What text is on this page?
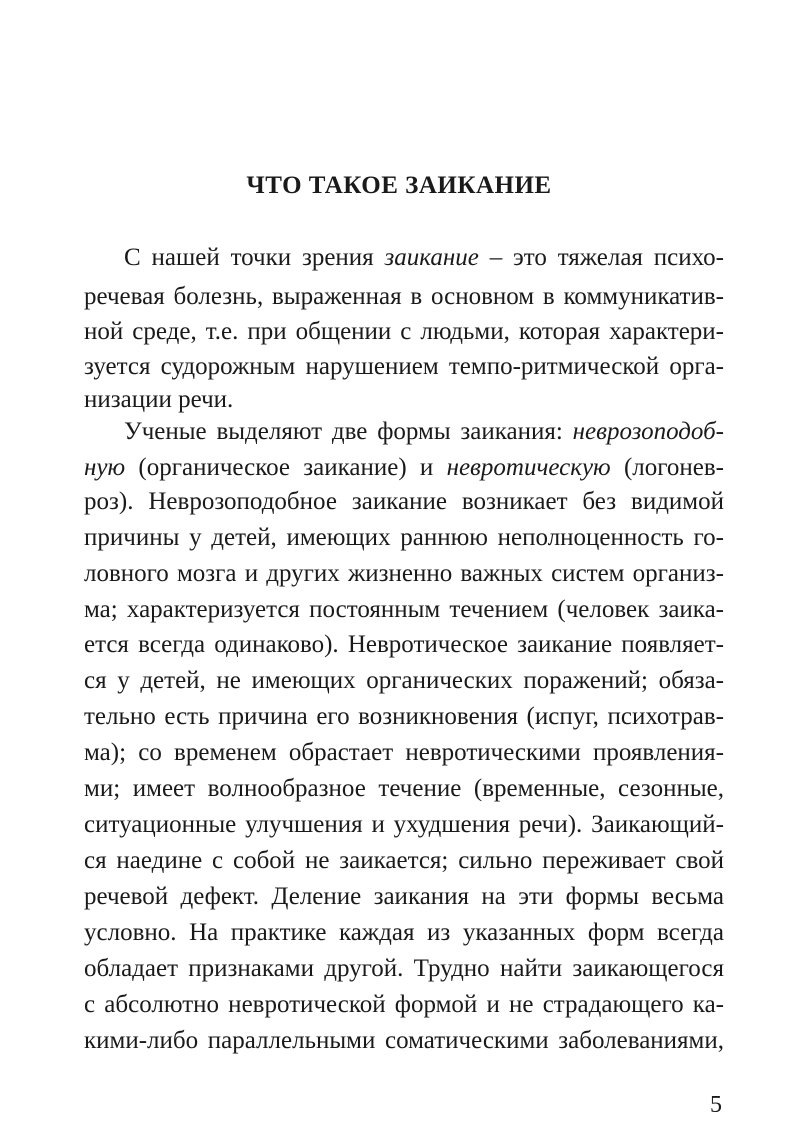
ЧТО ТАКОЕ ЗАИКАНИЕ
С нашей точки зрения заикание – это тяжелая психо-
речевая болезнь, выраженная в основном в коммуникатив-
ной среде, т.е. при общении с людьми, которая характери-
зуется судорожным нарушением темпо-ритмической орга-
низации речи.
Ученые выделяют две формы заикания: неврозоподоб-
ную (органическое заикание) и невротическую (логонев-
роз). Неврозоподобное заикание возникает без видимой
причины у детей, имеющих раннюю неполноценность го-
ловного мозга и других жизненно важных систем организ-
ма; характеризуется постоянным течением (человек заика-
ется всегда одинаково). Невротическое заикание появляет-
ся у детей, не имеющих органических поражений; обяза-
тельно есть причина его возникновения (испуг, психотрав-
ма); со временем обрастает невротическими проявления-
ми; имеет волнообразное течение (временные, сезонные,
ситуационные улучшения и ухудшения речи). Заикающий-
ся наедине с собой не заикается; сильно переживает свой
речевой дефект. Деление заикания на эти формы весьма
условно. На практике каждая из указанных форм всегда
обладает признаками другой. Трудно найти заикающегося
с абсолютно невротической формой и не страдающего ка-
кими-либо параллельными соматическими заболеваниями,
5
